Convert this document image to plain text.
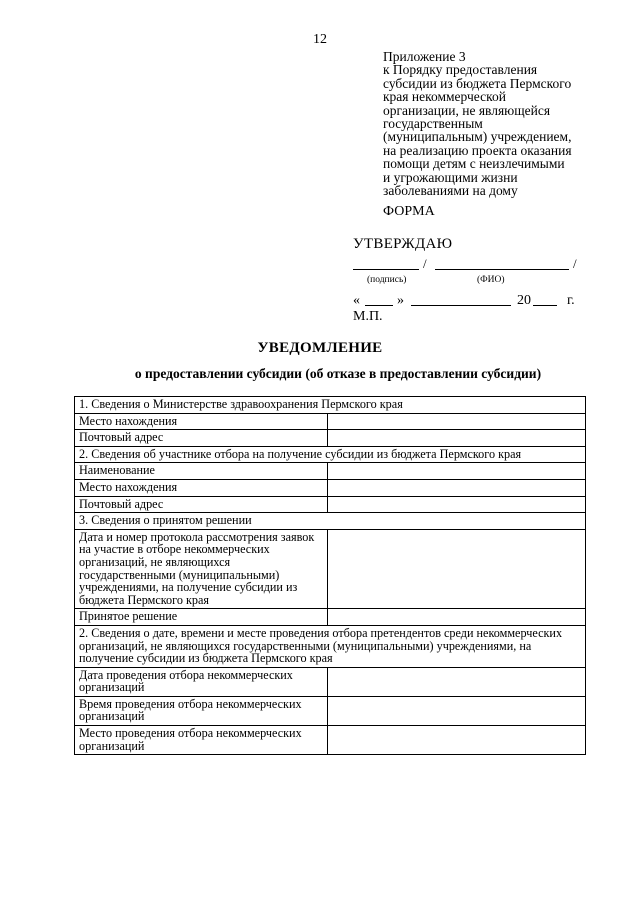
12
Приложение 3
к Порядку предоставления
субсидии из бюджета Пермского
края некоммерческой
организации, не являющейся
государственным
(муниципальным) учреждением,
на реализацию проекта оказания
помощи детям с неизлечимыми
и угрожающими жизни
заболеваниями на дому
ФОРМА
УТВЕРЖДАЮ
/	/
(подпись)	(ФИО)
«	»	20	г.
М.П.
УВЕДОМЛЕНИЕ
о предоставлении субсидии (об отказе в предоставлении субсидии)
1. Сведения о Министерстве здравоохранения Пермского края	
Место нахождения	
Почтовый адрес	
2. Сведения об участнике отбора на получение субсидии из бюджета Пермского края	
Наименование	
Место нахождения	
Почтовый адрес	
3. Сведения о принятом решении	
Дата и номер протокола рассмотрения заявок на участие в отборе некоммерческих организаций, не являющихся государственными (муниципальными) учреждениями, на получение субсидии из бюджета Пермского края	
Принятое решение	
2. Сведения о дате, времени и месте проведения отбора претендентов среди некоммерческих организаций, не являющихся государственными (муниципальными) учреждениями, на получение субсидии из бюджета Пермского края	
Дата проведения отбора некоммерческих организаций	
Время проведения отбора некоммерческих организаций	
Место проведения отбора некоммерческих организаций	
